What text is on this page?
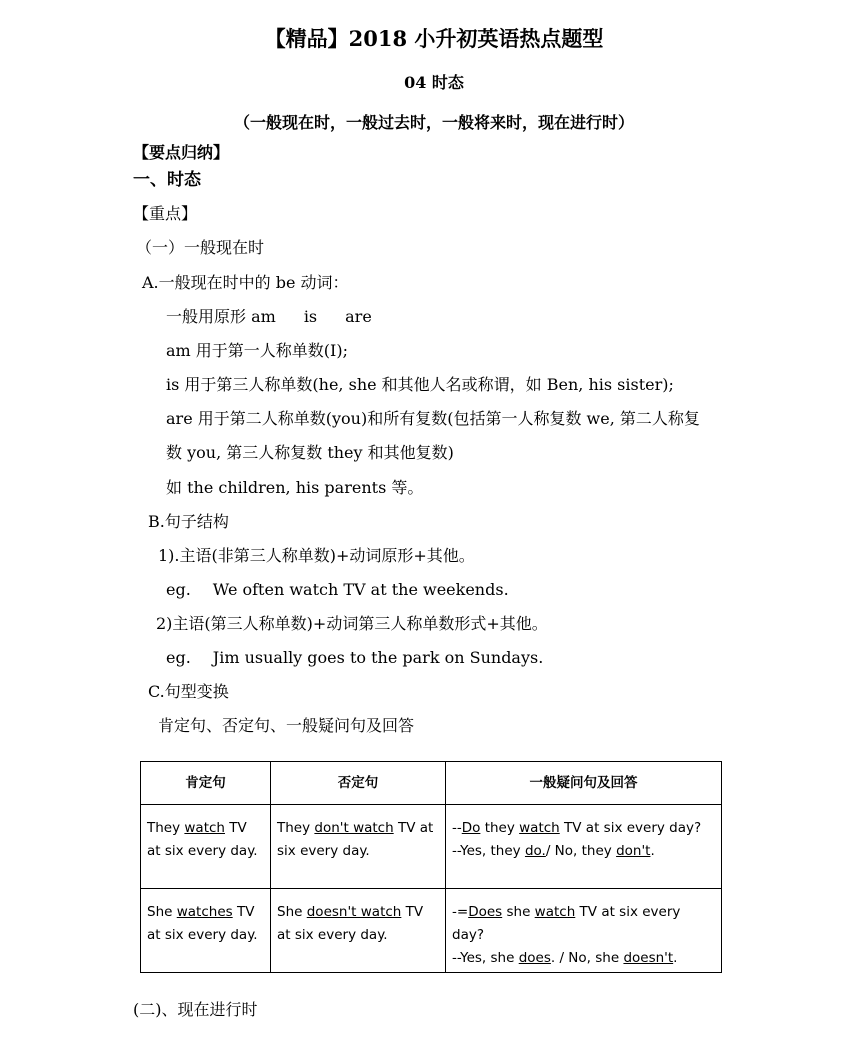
【精品】2018 小升初英语热点题型
04 时态
（一般现在时，一般过去时，一般将来时，现在进行时）
【要点归纳】
一、时态
【重点】
（一）一般现在时
A.一般现在时中的 be 动词：
一般用原形 am is are
am 用于第一人称单数(I);
is 用于第三人称单数(he, she 和其他人名或称谓，如 Ben, his sister);
are 用于第二人称单数(you)和所有复数(包括第一人称复数 we, 第二人称复
数 you, 第三人称复数 they 和其他复数)
如 the children, his parents 等。
B.句子结构
1).主语(非第三人称单数)+动词原形+其他。
eg. We often watch TV at the weekends.
2)主语(第三人称单数)+动词第三人称单数形式+其他。
eg. Jim usually goes to the park on Sundays.
C.句型变换
肯定句、否定句、一般疑问句及回答
肯定句	否定句	一般疑问句及回答
They watch TV at six every day.	They don't watch TV at six every day.	--Do they watch TV at six every day?
--Yes, they do./ No, they don't.

She watches TV at six every day.	She doesn't watch TV at six every day.	-=Does she watch TV at six every day?
--Yes, she does. / No, she doesn't.
(二)、现在进行时
